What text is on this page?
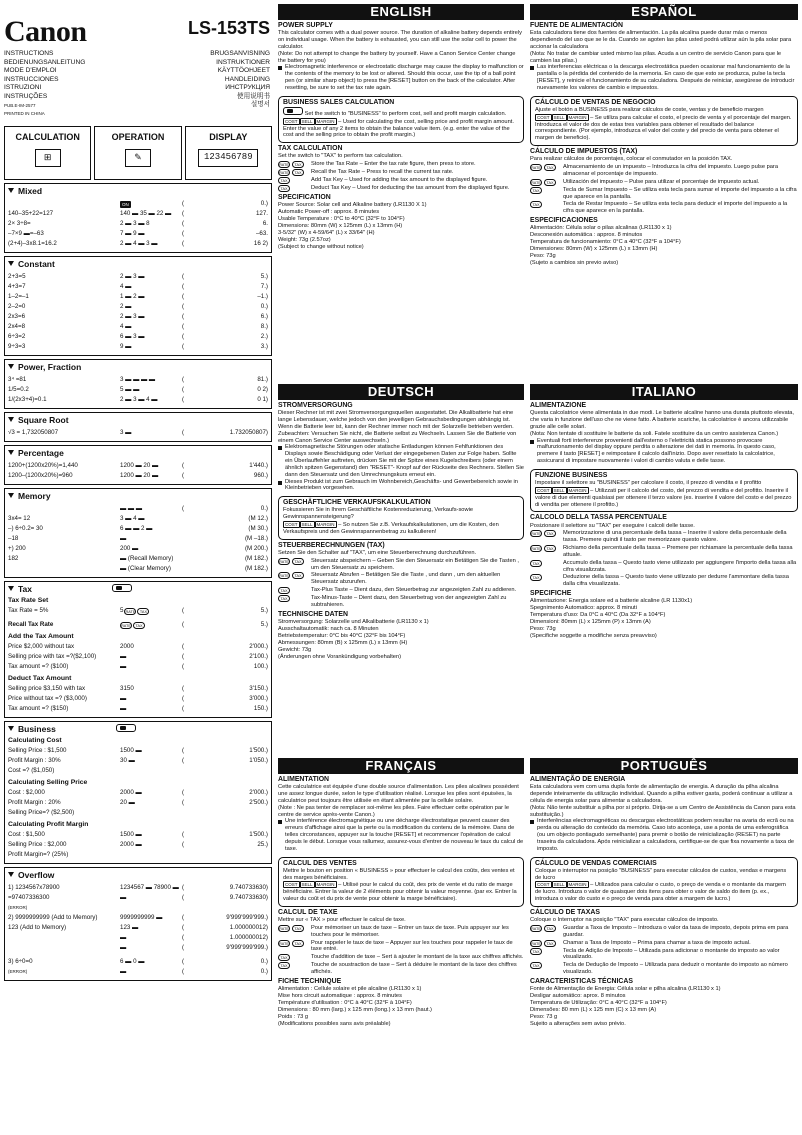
Canon	LS-153TS
INSTRUCTIONS
BEDIENUNGSANLEITUNG
MODE D'EMPLOI
INSTRUCCIONES
ISTRUZIONI
INSTRUÇÕES
PUB.E-IM-2577
PRINTED IN CHINA
BRUGSANVISNING
INSTRUKTIONER
KÄYTTÖOHJEET
HANDLEIDING
ИНСТРУКЦИЯ
使用说明书
설명서
CALCULATION
⊞
OPERATION
✎
DISPLAY
123456789
Mixed
ON	(	0.)
140–35+22=127	140 ▬ 35 ▬ 22 ▬	(	127.
2× 3÷8=	2 ▬ 3 ▬ 8	(	6.
–7×9 ▬=–63	7 ▬ 9 ▬	(	–63.
(2+4)–3x8.1=16.2	2 ▬ 4 ▬ 3 ▬	(	16 2)
Constant
2+3=5	2 ▬ 3 ▬	(	5.)
4+3=7	4 ▬	(	7.)
1–2=–1	1 ▬ 2 ▬	(	–1.)
2–2=0	2 ▬	(	0.)
2x3=6	2 ▬ 3 ▬	(	6.)
2x4=8	4 ▬	(	8.)
6÷3=2	6 ▬ 3 ▬	(	2.)
9÷3=3	9 ▬	(	3.)
Power, Fraction
3⁴ =81	3 ▬ ▬ ▬ ▬	(	81.)
1/5=0.2	5 ▬ ▬	(	0 2)
1/(2x3+4)=0.1	2 ▬ 3 ▬ 4 ▬	(	0 1)
Square Root
√3 = 1,732050807	3 ▬	(	1.732050807)
Percentage
1200+(1200x20%)=1,440	1200 ▬ 20 ▬	(	1'440.)
1200–(1200x20%)=960	1200 ▬ 20 ▬	(	960.)
Memory
▬ ▬ ▬	(	0.)
3x4= 12	3 ▬ 4 ▬	(M 12.)
–) 6÷0.2= 30	6 ▬ ▬ 2 ▬	(M 30.)
–18	▬	(M –18.)
+) 200	200 ▬	(M 200.)
182	▬ (Recall Memory)	(M 182.)
▬ (Clear Memory)	(M 182.)
Tax
Tax Rate Set
Tax Rate = 5%	5 RATE	TAX	(	5.)
Recall Tax Rate	RATE	TAX	(	5.)
Add the Tax Amount
Price $2,000 without tax	2000	(	2'000.)
Selling price with tax =?($2,100)	▬	(	2'100.)
Tax amount =? ($100)	▬	(	100.)
Deduct Tax Amount
Selling price $3,150 with tax	3150	(	3'150.)
Price without tax =? ($3,000)	▬	(	3'000.)
Tax amount =? ($150)	▬	(	150.)
Business
Calculating Cost
Selling Price : $1,500	1500 ▬	(	1'500.)
Profit Margin : 30%	30 ▬	(	1'050.)
Cost =? ($1,050)
Calculating Selling Price
Cost : $2,000	2000 ▬	(	2'000.)
Profit Margin : 20%	20 ▬	(	2'500.)
Selling Price=? ($2,500)
Calculating Profit Margin
Cost : $1,500	1500 ▬	(	1'500.)
Selling Price : $2,000	2000 ▬	(	25.)
Profit Margin=? (25%)
Overflow
1) 1234567x78900	1234567 ▬ 78900 ▬ (	9.740733630)
=97407336300	▬	(	9.740733630)
(ERROR)
2) 9999999999 (Add to Memory)	9999999999 ▬	(	9'999'999'999.)
123 (Add to Memory)	123 ▬	(	1.000000012)
▬	(	1.000000012)
▬	(	9'999'999'999.)
3) 6÷0=0	6 ▬ 0 ▬	(	0.)
(ERROR)	▬	(	0.)
ENGLISH
POWER SUPPLY
This calculator comes with a dual power source. The duration of alkaline battery depends entirely on individual usage. When the battery is exhausted, you can still use the solar cell to power the calculator.
(Note: Do not attempt to change the battery by yourself. Have a Canon Service Center change the battery for you)
Electromagnetic interference or electrostatic discharge may cause the display to malfunction or the contents of the memory to be lost or altered. Should this occur, use the tip of a ball point pen (or similar sharp object) to press the [RESET] button on the back of the calculator. After resetting, be sure to set the tax rate again.
BUSINESS SALES CALCULATION
Set the switch to "BUSINESS" to perform cost, sell and profit margin calculation.
COST SELL MARGIN – Used for calculating the cost, selling price and profit margin amount. Enter the value of any 2 items to obtain the balance value item. (e.g. enter the value of the cost and the selling price to obtain the profit margin.)
TAX CALCULATION
Set the switch to "TAX" to perform tax calculation.
RATE	TAX	Store the Tax Rate – Enter the tax rate figure, then press to store.
RATE	TAX	Recall the Tax Rate – Press to recall the current tax rate.
TAX	Add Tax Key – Used for adding the tax amount to the displayed figure.
TAX	Deduct Tax Key – Used for deducting the tax amount from the displayed figure.
SPECIFICATION
Power Source: Solar cell and Alkaline battery (LR1130 X 1)
Automatic Power-off : approx. 8 minutes
Usable Temperature : 0°C to 40°C (32°F to 104°F)
Dimensions: 80mm (W) x 125mm (L) x 13mm (H)
3-5/32" (W) x 4-59/64" (L) x 33/64" (H)
Weight: 73g (2.57oz)
(Subject to change without notice)
DEUTSCH
STROMVERSORGUNG
Dieser Rechner ist mit zwei Stromversorgungsquellen ausgestattet. Die Alkalibatterie hat eine lange Lebensdauer, welche jedoch von den jeweiligen Gebrauchsbedingungen abhängig ist. Wenn die Batterie leer ist, kann der Rechner immer noch mit der Solarzelle betrieben werden.
Zubeachten: Versuchen Sie nicht, die Batterie selbst zu Wechseln. Lassen Sie die Batterie von einem Canon Service Center auswechseln.)
Elektromagnetische Störungen oder statische Entladungen können Fehlfunktionen des Displays sowie Beschädigung oder Verlust der eingegebenen Daten zur Folge haben. Sollte ein Überlauffehler auftreten, drücken Sie mit der Spitze eines Kugelschreibers (oder einem ähnlich spitzen Gegenstand) den "RESET"- Knopf auf der Rückseite des Rechners. Stellen Sie dann den Steuersatz und den Umrechnungskurs erneut ein.
Dieses Produkt ist zum Gebrauch im Wohnbereich,Geschäfts- und Gewerbebereich sowie in Kleinbetrieben vorgesehen.
GESCHÄFTLICHE VERKAUFSKALKULATION
Fokussieren Sie in Ihrem Geschäftliche Kostenreduzierung, Verkaufs-sowie Gewinnspannensteigerung?
COST SELL MARGIN – So nutzen Sie z.B. Verkaufskalkulationen, um die Kosten, den Verkaufspreis und den Gewinnspannenbetrag zu kalkulieren!
STEUERBERECHNUNGEN (TAX)
Setzen Sie den Schalter auf "TAX", um eine Steuerberechnung durchzuführen.
RATE	TAX	Steuersatz abspeichern – Geben Sie den Steuersatz ein Betätigen Sie die Tasten , um den Steuersatz zu speichern.
RATE	TAX	Steuersatz Abrufen – Betätigen Sie die Taste , und dann , um den aktuellen Steuersatz abzurufen.
TAX	Tax-Plus Taste – Dient dazu, den Steuerbetrag zur angezeigten Zahl zu addieren.
TAX	Tax-Minus-Taste – Dient dazu, den Steuerbetrag von der angezeigten Zahl zu subtrahieren.
TECHNISCHE DATEN
Stromversorgung: Solarzelle und Alkalibatterie (LR1130 x 1)
Ausschaltautomatik: nach ca. 8 Minuten
Betriebstemperatur: 0°C bis 40°C (32°F bis 104°F)
Abmessungen: 80mm (B) x 125mm (L) x 13mm (H)
Gewicht: 73g
(Änderungen ohne Vorankündigung vorbehalten)
FRANÇAIS
ALIMENTATION
Cette calculatrice est équipée d'une double source d'alimentation. Les piles alcalines possèdent une assez longue durée, selon le type d'utilisation réalisé. Lorsque les piles sont épuisées, la calculatrice peut toujours être utilisée en étant alimentée par la cellule solaire.
(Note : Ne pas tenter de remplacer soi-même les piles. Faire effectuer cette opération par le centre de service après-vente Canon.)
Une interférence électromagnétique ou une décharge électrostatique peuvent causer des erreurs d'affichage ainsi que la perte ou la modification du contenu de la mémoire. Dans de telles circonstances, appuyer sur la touche [RESET] et recommencer l'opération de calcul depuis le début. Lorsque vous rallumez, assurez-vous d'entrer de nouveau le taux du calcul de taxe.
CALCUL DES VENTES
Mettre le bouton en position « BUSINESS » pour effectuer le calcul des coûts, des ventes et des marges bénéficiaires.
COST SELL MARGIN – Utilisé pour le calcul du coût, des prix de vente et du ratio de marge bénéficiaire. Entrer la valeur de 2 éléments pour obtenir la valeur moyenne. (par ex. Entrer la valeur du coût et du prix de vente pour obtenir la marge bénéficiaire).
CALCUL DE TAXE
Mettre sur « TAX » pour effectuer le calcul de taxe.
RATE	TAX	Pour mémoriser un taux de taxe – Entrer un taux de taxe. Puis appuyer sur les touches pour le mémoriser.
RATE	TAX	Pour rappeler le taux de taxe – Appuyer sur les touches pour rappeler le taux de taxe entré.
TAX	Touche d'addition de taxe – Sert à ajouter le montant de la taxe aux chiffres affichés.
TAX	Touche de soustraction de taxe – Sert à déduire le montant de la taxe des chiffres affichés.
FICHE TECHNIQUE
Alimentation : Cellule solaire et pile alcaline (LR1130 x 1)
Mise hors circuit automatique : approx. 8 minutes
Température d'utilisation : 0°C à 40°C (32°F à 104°F)
Dimensions : 80 mm (larg.) x 125 mm (long.) x 13 mm (haut.)
Poids : 73 g
(Modifications possibles sans avis préalable)
ESPAÑOL
FUENTE DE ALIMENTACIÓN
Esta calculadora tiene dos fuentes de alimentación. La pila alcalina puede durar más o menos dependiendo del uso que se le da. Cuando se agoten las pilas usted podrá utilizar aún la pila solar para accionar la calculadora
(Nota: No tratar de cambiar usted mismo las pilas. Acuda a un centro de servicio Canon para que le cambien las pilas.)
Las interferencias eléctricas o la descarga electrostática pueden ocasionar mal funcionamiento de la pantalla o la pérdida del contenido de la memoria. En caso de que esto se produzca, pulse la tecla [RESET], y reinicie el funcionamiento de su calculadora. Después de reiniciar, asegúrese de introducir nuevamente los valores de cambio e impuestos.
CÁLCULO DE VENTAS DE NEGOCIO
Ajuste el botón a BUSINESS para realizar cálculos de coste, ventas y de beneficio margen
COST SELL MARGIN – Se utiliza para calcular el costo, el precio de venta y el porcentaje del margen. Introduzca el valor de dos de estas tres variables para obtener el resultado del balance correspondiente. (Por ejemplo, introduzca el valor del coste y del precio de venta para obtener el margen de beneficio).
CÁLCULO DE IMPUESTOS (TAX)
Para realizar cálculos de porcentajes, colocar el conmutador en la posición TAX.
RATE	TAX	Almacenamiento de un impuesto – Introduzca la cifra del impuesto. Luego pulse para almacenar el porcentaje de impuesto.
RATE	TAX	Utilización del impuesto – Pulse para utilizar el porcentaje de impuesto actual.
TAX	Tecla de Sumar Impuesto – Se utiliza esta tecla para sumar el importe del impuesto a la cifra que aparece en la pantalla.
TAX	Tecla de Restar Impuesto – Se utiliza esta tecla para deducir el importe del impuesto a la cifra que aparece en la pantalla.
ESPECIFICACIONES
Alimentación: Célula solar o pilas alcalinas (LR1130 x 1)
Desconexión automática : approx. 8 minutos
Temperatura de funcionamiento: 0°C a 40°C (32°F a 104°F)
Dimensiones: 80mm (W) x 125mm (L) x 13mm (H)
Peso: 73g
(Sujeto a cambios sin previo aviso)
ITALIANO
ALIMENTAZIONE
Questa calcolatrice viene alimentata in due modi. Le batterie alcaline hanno una durata piuttosto elevata, che varia in funzione dell'uso che ne viene fatto. A batterie scariche, la calcolatrice è ancora utilizzabile grazie alle celle solari.
(Nota: Non tentate di sostituire le batterie da soli. Fatele sostituire da un centro assistenza Canon.)
Eventuali forti interferenze provenienti dall'esterno o l'elettricità statica possono provocare malfunzionamento del display oppure perdita o alterazione dei dati in memoria. In questo caso, premere il tasto [RESET] e reimpostare il calcolo dall'inizio. Dopo aver resettato la calcolatrice, assicurarsi di impostare nuovamente i valori di cambio valuta e delle tasse.
FUNZIONE BUSINESS
Impostare il selettore su "BUSINESS" per calcolare il costo, il prezzo di vendita e il profitto
COST SELL MARGIN – Utilizzati per il calcolo del costo, del prezzo di vendita e del profitto. Inserire il valore di due elementi qualsiasi per ottenere il terzo valore (es. inserire il valore del costo e del prezzo di vendita per ottenere il profitto.)
CALCOLO DELLA TASSA PERCENTUALE
Posizionare il selettore su "TAX" per eseguire i calcoli delle tasse.
RATE	TAX	Memorizzazione di una percentuale della tassa – Inserire il valore della percentuale della tassa. Premere quindi il tasto per memorizzare questo valore.
RATE	TAX	Richiamo della percentuale della tassa – Premere per richiamare la percentuale della tassa attuale.
TAX	Accumulo della tassa – Questo tasto viene utilizzato per aggiungere l'importo della tassa alla cifra visualizzata.
TAX	Deduzione della tassa – Questo tasto viene utilizzato per dedurre l'ammontare della tassa dalla cifra visualizzata.
SPECIFICHE
Alimentazione: Energia solare ed a batterie alcaline (LR 1130x1)
Spegnimento Automatico: approx. 8 minuti
Temperatura d'uso: Da 0°C a 40°C (Da 32°F a 104°F)
Dimensioni: 80mm (L) x 125mm (P) x 13mm (A)
Peso: 73g
(Specifiche soggette a modifiche senza preavviso)
PORTUGUÊS
ALIMENTAÇÃO DE ENERGIA
Esta calculadora vem com uma dupla fonte de alimentação de energia. A duração da pilha alcalina depende inteiramente da utilização individual. Quando a pilha estiver gasta, poderá continuar a utilizar a célula de energia solar para alimentar a calculadora.
(Nota: Não tente substituir a pilha por si próprio. Dirija-se a um Centro de Assistência da Canon para esta substituição.)
Interferências electromagnéticas ou descargas electrostáticas podem resultar na avaria do ecrã ou na perda ou alteração do conteúdo da memória. Caso isto aconteça, use a ponta de uma esferográfica (ou um objecto pontiagudo semelhante) para premir o botão de reinicialização (RESET) na parte traseira da calculadora. Após reinicializar a calculadora, certifique-se de que fixa novamente a taxa de imposto.
CÁLCULO DE VENDAS COMERCIAIS
Coloque o interruptor na posição "BUSINESS" para executar cálculos de custos, vendas e margens de lucro
COST SELL MARGIN – Utilizados para calcular o custo, o preço de venda e o montante da margem de lucro. Introduza o valor de quaisquer dois itens para obter o valor de saldo do item (p. ex., introduza o valor do custo e o preço de venda para obter a margem de lucro.)
CÁLCULO DE TAXAS
Coloque o Interruptor na posição "TAX" para executar cálculos de imposto.
RATE	TAX	Guardar a Taxa de Imposto – Introduza o valor da taxa de imposto, depois prima em para guardar.
RATE	TAX	Chamar a Taxa de Imposto – Prima para chamar a taxa de imposto actual.
TAX	Tecla de Adição de Imposto – Utilizada para adicionar o montante do imposto ao valor visualizado.
TAX	Tecla de Dedução de Imposto – Utilizada para deduzir o montante do imposto ao número visualizado.
CARACTERISTICAS TÉCNICAS
Fonte de Alimentação de Energia: Célula solar e pilha alcalina (LR1130 x 1)
Desligar automático: aprox. 8 minutos
Temperatura de Utilização: 0°C a 40°C (32°F a 104°F)
Dimensões: 80 mm (L) x 125 mm (C) x 13 mm (A)
Peso: 73 g
Sujeito a alterações sem aviso prévio.
